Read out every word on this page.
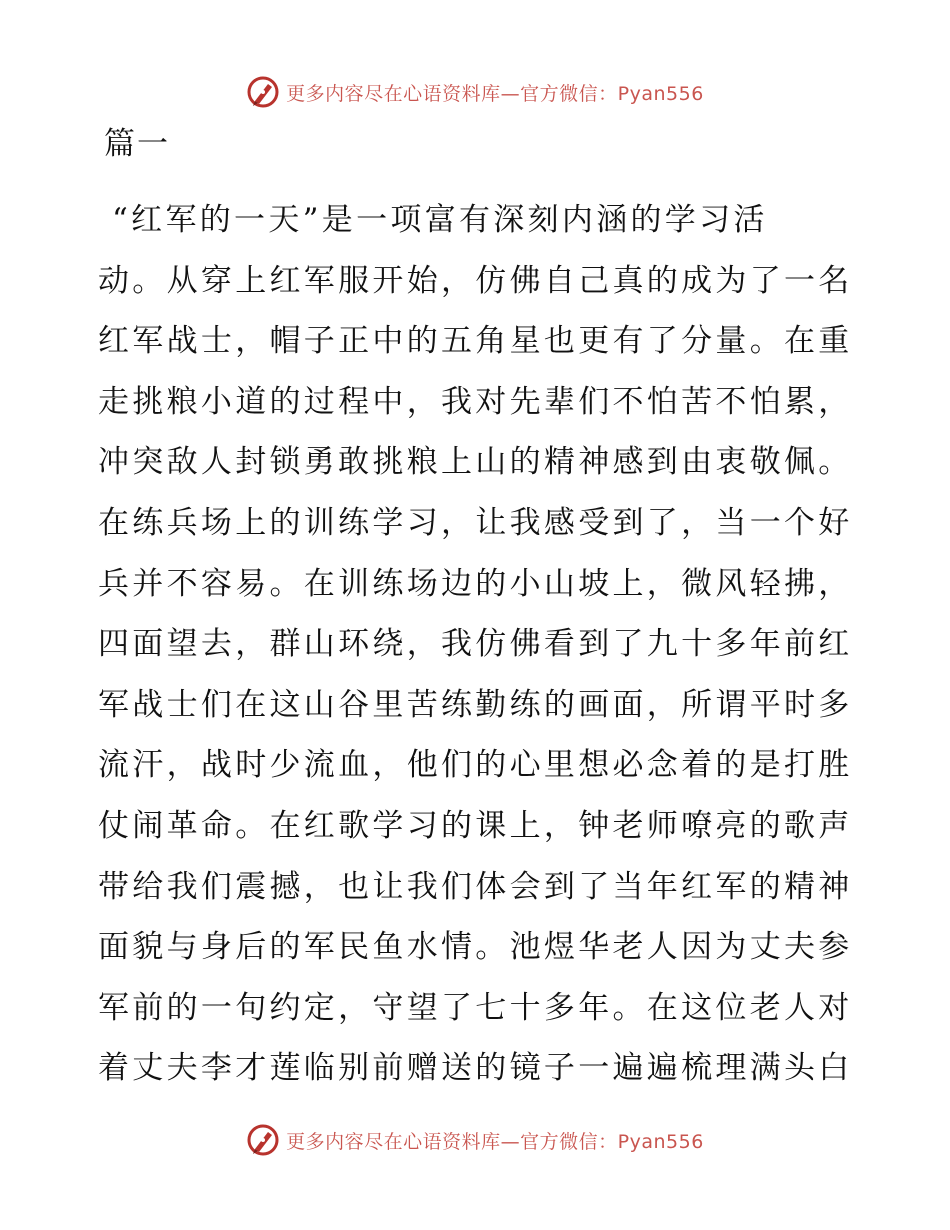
更多内容尽在心语资料库—官方微信：Pyan556
篇一
“红军的一天”是一项富有深刻内涵的学习活
动。从穿上红军服开始，仿佛自己真的成为了一名
红军战士，帽子正中的五角星也更有了分量。在重
走挑粮小道的过程中，我对先辈们不怕苦不怕累，
冲突敌人封锁勇敢挑粮上山的精神感到由衷敬佩。
在练兵场上的训练学习，让我感受到了，当一个好
兵并不容易。在训练场边的小山坡上，微风轻拂，
四面望去，群山环绕，我仿佛看到了九十多年前红
军战士们在这山谷里苦练勤练的画面，所谓平时多
流汗，战时少流血，他们的心里想必念着的是打胜
仗闹革命。在红歌学习的课上，钟老师嘹亮的歌声
带给我们震撼，也让我们体会到了当年红军的精神
面貌与身后的军民鱼水情。池煜华老人因为丈夫参
军前的一句约定，守望了七十多年。在这位老人对
着丈夫李才莲临别前赠送的镜子一遍遍梳理满头白
更多内容尽在心语资料库—官方微信：Pyan556
